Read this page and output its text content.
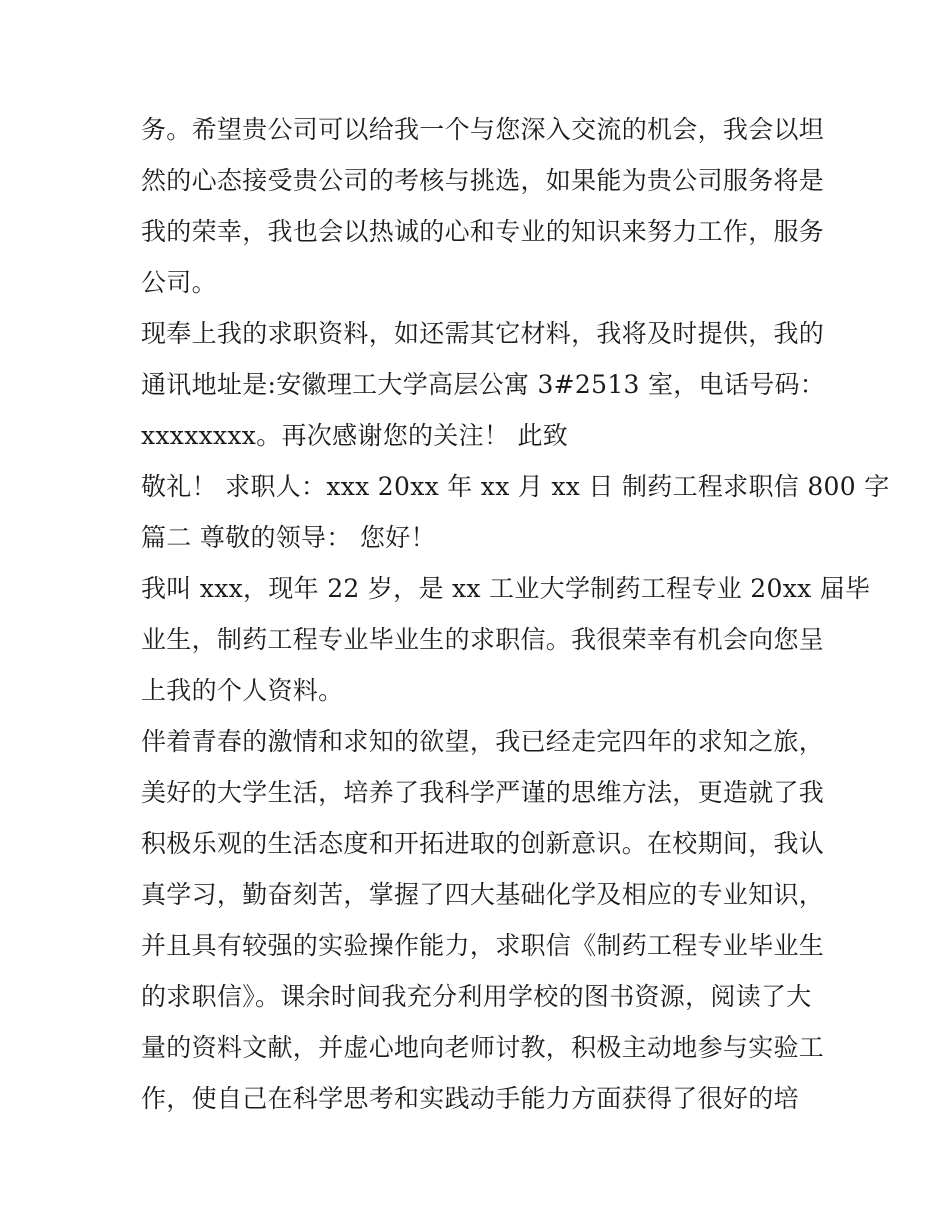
务。希望贵公司可以给我一个与您深入交流的机会，我会以坦
然的心态接受贵公司的考核与挑选，如果能为贵公司服务将是
我的荣幸，我也会以热诚的心和专业的知识来努力工作，服务
公司。
现奉上我的求职资料，如还需其它材料，我将及时提供，我的
通讯地址是:安徽理工大学高层公寓 3#2513 室，电话号码：
xxxxxxxx。再次感谢您的关注！ 此致
敬礼！ 求职人：xxx 20xx 年 xx 月 xx 日 制药工程求职信 800 字
篇二 尊敬的领导： 您好！
我叫 xxx，现年 22 岁，是 xx 工业大学制药工程专业 20xx 届毕
业生，制药工程专业毕业生的求职信。我很荣幸有机会向您呈
上我的个人资料。
伴着青春的激情和求知的欲望，我已经走完四年的求知之旅，
美好的大学生活，培养了我科学严谨的思维方法，更造就了我
积极乐观的生活态度和开拓进取的创新意识。在校期间，我认
真学习，勤奋刻苦，掌握了四大基础化学及相应的专业知识，
并且具有较强的实验操作能力，求职信《制药工程专业毕业生
的求职信》。课余时间我充分利用学校的图书资源，阅读了大
量的资料文献，并虚心地向老师讨教，积极主动地参与实验工
作，使自己在科学思考和实践动手能力方面获得了很好的培
